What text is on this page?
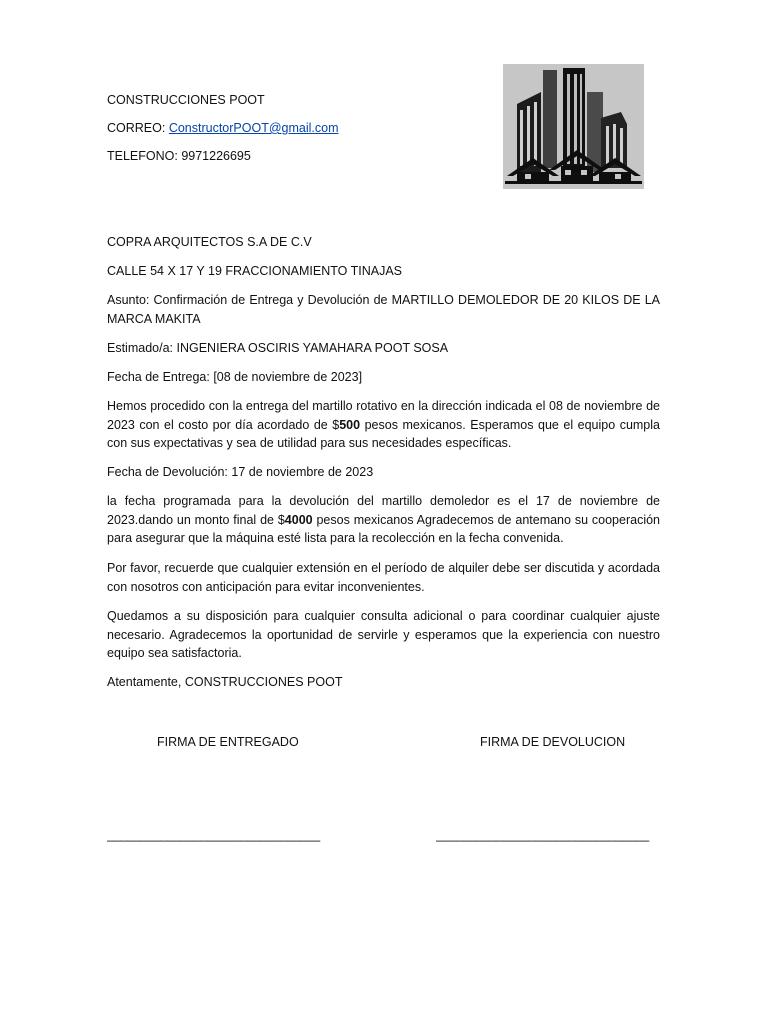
CONSTRUCCIONES POOT
CORREO: ConstructorPOOT@gmail.com
TELEFONO: 9971226695
COPRA ARQUITECTOS S.A DE C.V
CALLE 54 X 17 Y 19 FRACCIONAMIENTO TINAJAS
Asunto: Confirmación de Entrega y Devolución de MARTILLO DEMOLEDOR DE 20 KILOS DE LA MARCA MAKITA
Estimado/a: INGENIERA OSCIRIS YAMAHARA POOT SOSA
Fecha de Entrega: [08 de noviembre de 2023]
Hemos procedido con la entrega del martillo rotativo en la dirección indicada el 08 de noviembre de 2023 con el costo por día acordado de $500 pesos mexicanos. Esperamos que el equipo cumpla con sus expectativas y sea de utilidad para sus necesidades específicas.
Fecha de Devolución: 17 de noviembre de 2023
la fecha programada para la devolución del martillo demoledor es el 17 de noviembre de 2023.dando un monto final de $4000 pesos mexicanos Agradecemos de antemano su cooperación para asegurar que la máquina esté lista para la recolección en la fecha convenida.
Por favor, recuerde que cualquier extensión en el período de alquiler debe ser discutida y acordada con nosotros con anticipación para evitar inconvenientes.
Quedamos a su disposición para cualquier consulta adicional o para coordinar cualquier ajuste necesario. Agradecemos la oportunidad de servirle y esperamos que la experiencia con nuestro equipo sea satisfactoria.
Atentamente, CONSTRUCCIONES POOT
FIRMA DE ENTREGADO	FIRMA DE DEVOLUCION
________________________________	________________________________
